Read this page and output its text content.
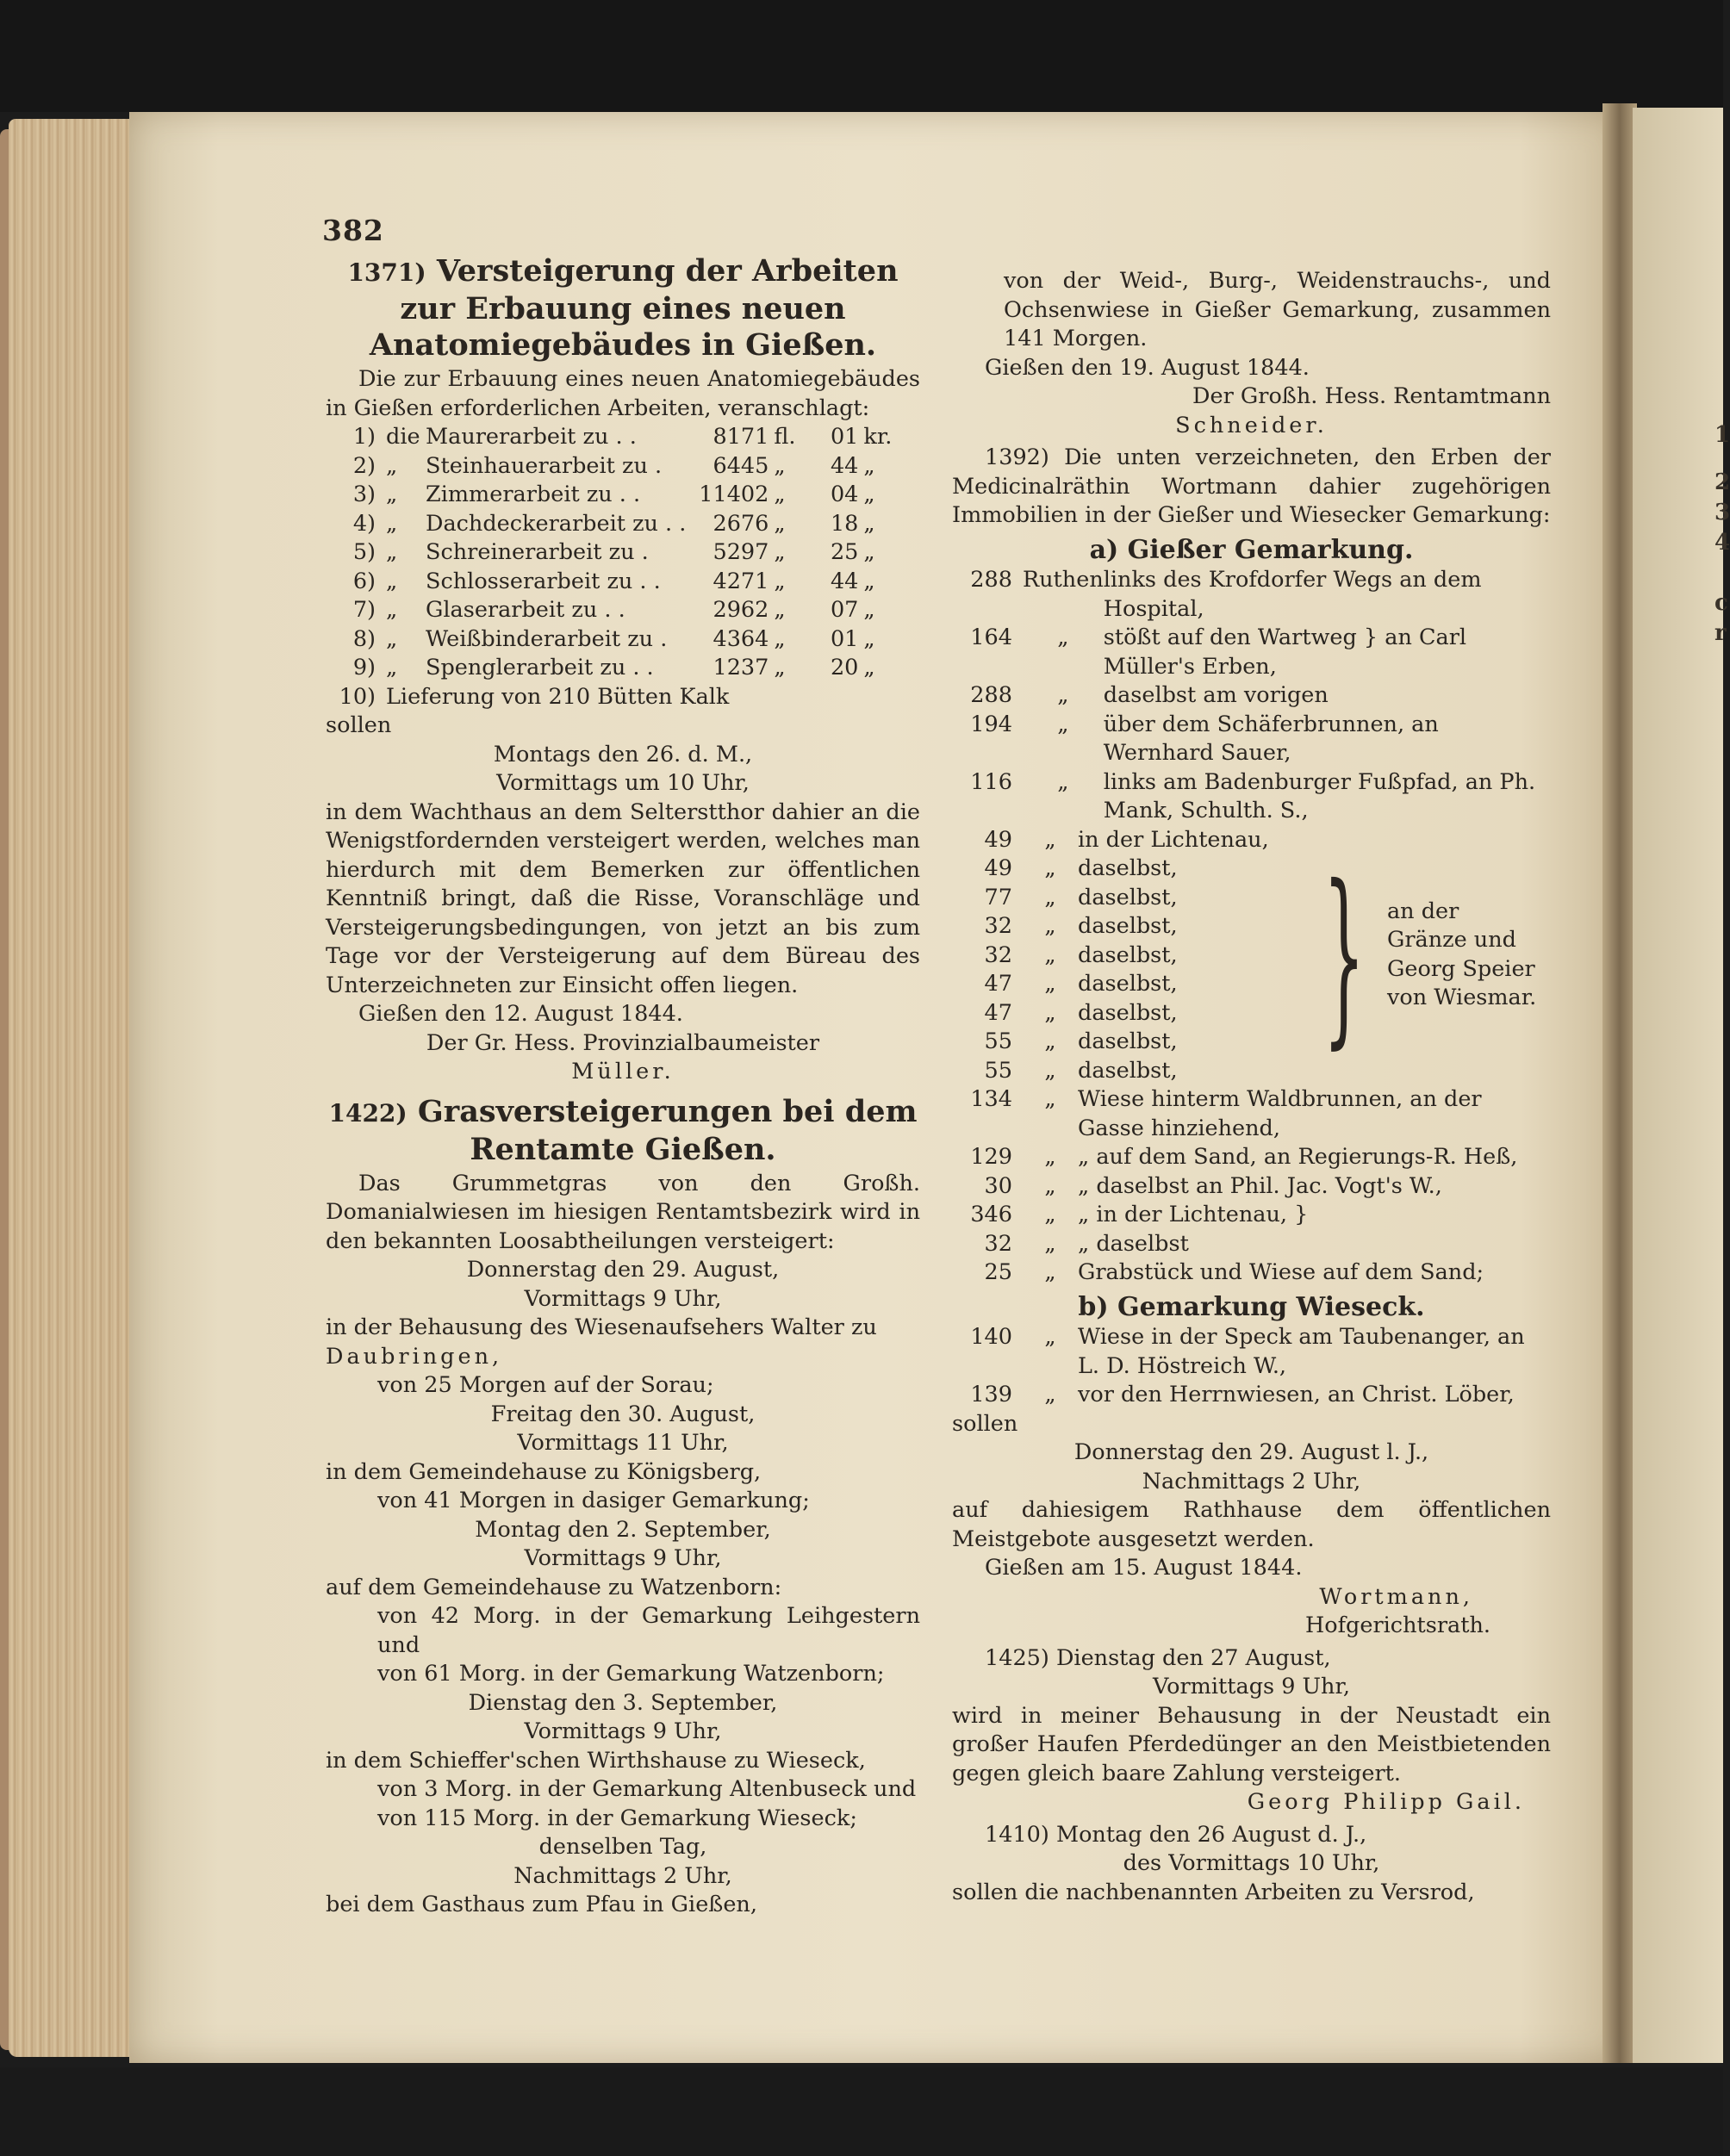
1
2
3
4
c
r
382
1371) Versteigerung der Arbeiten zur Erbauung eines neuen Anatomiegebäudes in Gießen.

Die zur Erbauung eines neuen Anatomiegebäudes in Gießen erforderlichen Arbeiten, veranschlagt:

1)	die	Maurerarbeit zu . .	8171	fl.	01	kr.
2)	„	Steinhauerarbeit zu .	6445	„	44	„
3)	„	Zimmerarbeit zu . .	11402	„	04	„
4)	„	Dachdeckerarbeit zu . .	2676	„	18	„
5)	„	Schreinerarbeit zu .	5297	„	25	„
6)	„	Schlosserarbeit zu . .	4271	„	44	„
7)	„	Glaserarbeit zu . .	2962	„	07	„
8)	„	Weißbinderarbeit zu .	4364	„	01	„
9)	„	Spenglerarbeit zu . .	1237	„	20	„
10)	Lieferung von 210 Bütten Kalk					

sollen

Montags den 26. d. M.,

Vormittags um 10 Uhr,

in dem Wachthaus an dem Selterstthor dahier an die Wenigstfordernden versteigert werden, welches man hierdurch mit dem Bemerken zur öffentlichen Kenntniß bringt, daß die Risse, Voranschläge und Versteigerungsbedingungen, von jetzt an bis zum Tage vor der Versteigerung auf dem Büreau des Unterzeichneten zur Einsicht offen liegen.

Gießen den 12. August 1844.

Der Gr. Hess. Provinzialbaumeister

Müller.

1422) Grasversteigerungen bei dem Rentamte Gießen.

Das Grummetgras von den Großh. Domanialwiesen im hiesigen Rentamtsbezirk wird in den bekannten Loosabtheilungen versteigert:

Donnerstag den 29. August,

Vormittags 9 Uhr,

in der Behausung des Wiesenaufsehers Walter zu

Daubringen,

von 25 Morgen auf der Sorau;

Freitag den 30. August,

Vormittags 11 Uhr,

in dem Gemeindehause zu Königsberg,

von 41 Morgen in dasiger Gemarkung;

Montag den 2. September,

Vormittags 9 Uhr,

auf dem Gemeindehause zu Watzenborn:

von 42 Morg. in der Gemarkung Leihgestern und

von 61 Morg. in der Gemarkung Watzenborn;

Dienstag den 3. September,

Vormittags 9 Uhr,

in dem Schieffer'schen Wirthshause zu Wieseck,

von 3 Morg. in der Gemarkung Altenbuseck und

von 115 Morg. in der Gemarkung Wieseck;

denselben Tag,

Nachmittags 2 Uhr,

bei dem Gasthaus zum Pfau in Gießen,

von der Weid-, Burg-, Weidenstrauchs-, und Ochsenwiese in Gießer Gemarkung, zusammen 141 Morgen.

Gießen den 19. August 1844.

Der Großh. Hess. Rentamtmann

Schneider.

1392) Die unten verzeichneten, den Erben der Medicinalräthin Wortmann dahier zugehörigen Immobilien in der Gießer und Wiesecker Gemarkung:

a) Gießer Gemarkung.
288	Ruthen	links des Krofdorfer Wegs an dem Hospital,
164	„	stößt auf den Wartweg } an Carl Müller's Erben,
288	„	daselbst am vorigen
194	„	über dem Schäferbrunnen, an Wernhard Sauer,
116	„	links am Badenburger Fußpfad, an Ph. Mank, Schulth. S.,
49	„	in der Lichtenau,
49	„	daselbst,
77	„	daselbst,
32	„	daselbst,
32	„	daselbst,
47	„	daselbst,
47	„	daselbst,
55	„	daselbst,
55	„	daselbst,
} an der Gränze und Georg Speier von Wiesmar.
134	„	Wiese hinterm Waldbrunnen, an der Gasse hinziehend,
129	„	„ auf dem Sand, an Regierungs-R. Heß,
30	„	„ daselbst an Phil. Jac. Vogt's W.,
346	„	„ in der Lichtenau, }
32	„	„ daselbst
25	„	Grabstück und Wiese auf dem Sand;
b) Gemarkung Wieseck.
140	„	Wiese in der Speck am Taubenanger, an L. D. Höstreich W.,
139	„	vor den Herrnwiesen, an Christ. Löber,

sollen

Donnerstag den 29. August l. J.,

Nachmittags 2 Uhr,

auf dahiesigem Rathhause dem öffentlichen Meistgebote ausgesetzt werden.

Gießen am 15. August 1844.

Wortmann,

Hofgerichtsrath.

1425) Dienstag den 27 August,

Vormittags 9 Uhr,

wird in meiner Behausung in der Neustadt ein großer Haufen Pferdedünger an den Meistbietenden gegen gleich baare Zahlung versteigert.

Georg Philipp Gail.

1410) Montag den 26 August d. J.,

des Vormittags 10 Uhr,

sollen die nachbenannten Arbeiten zu Versrod,
